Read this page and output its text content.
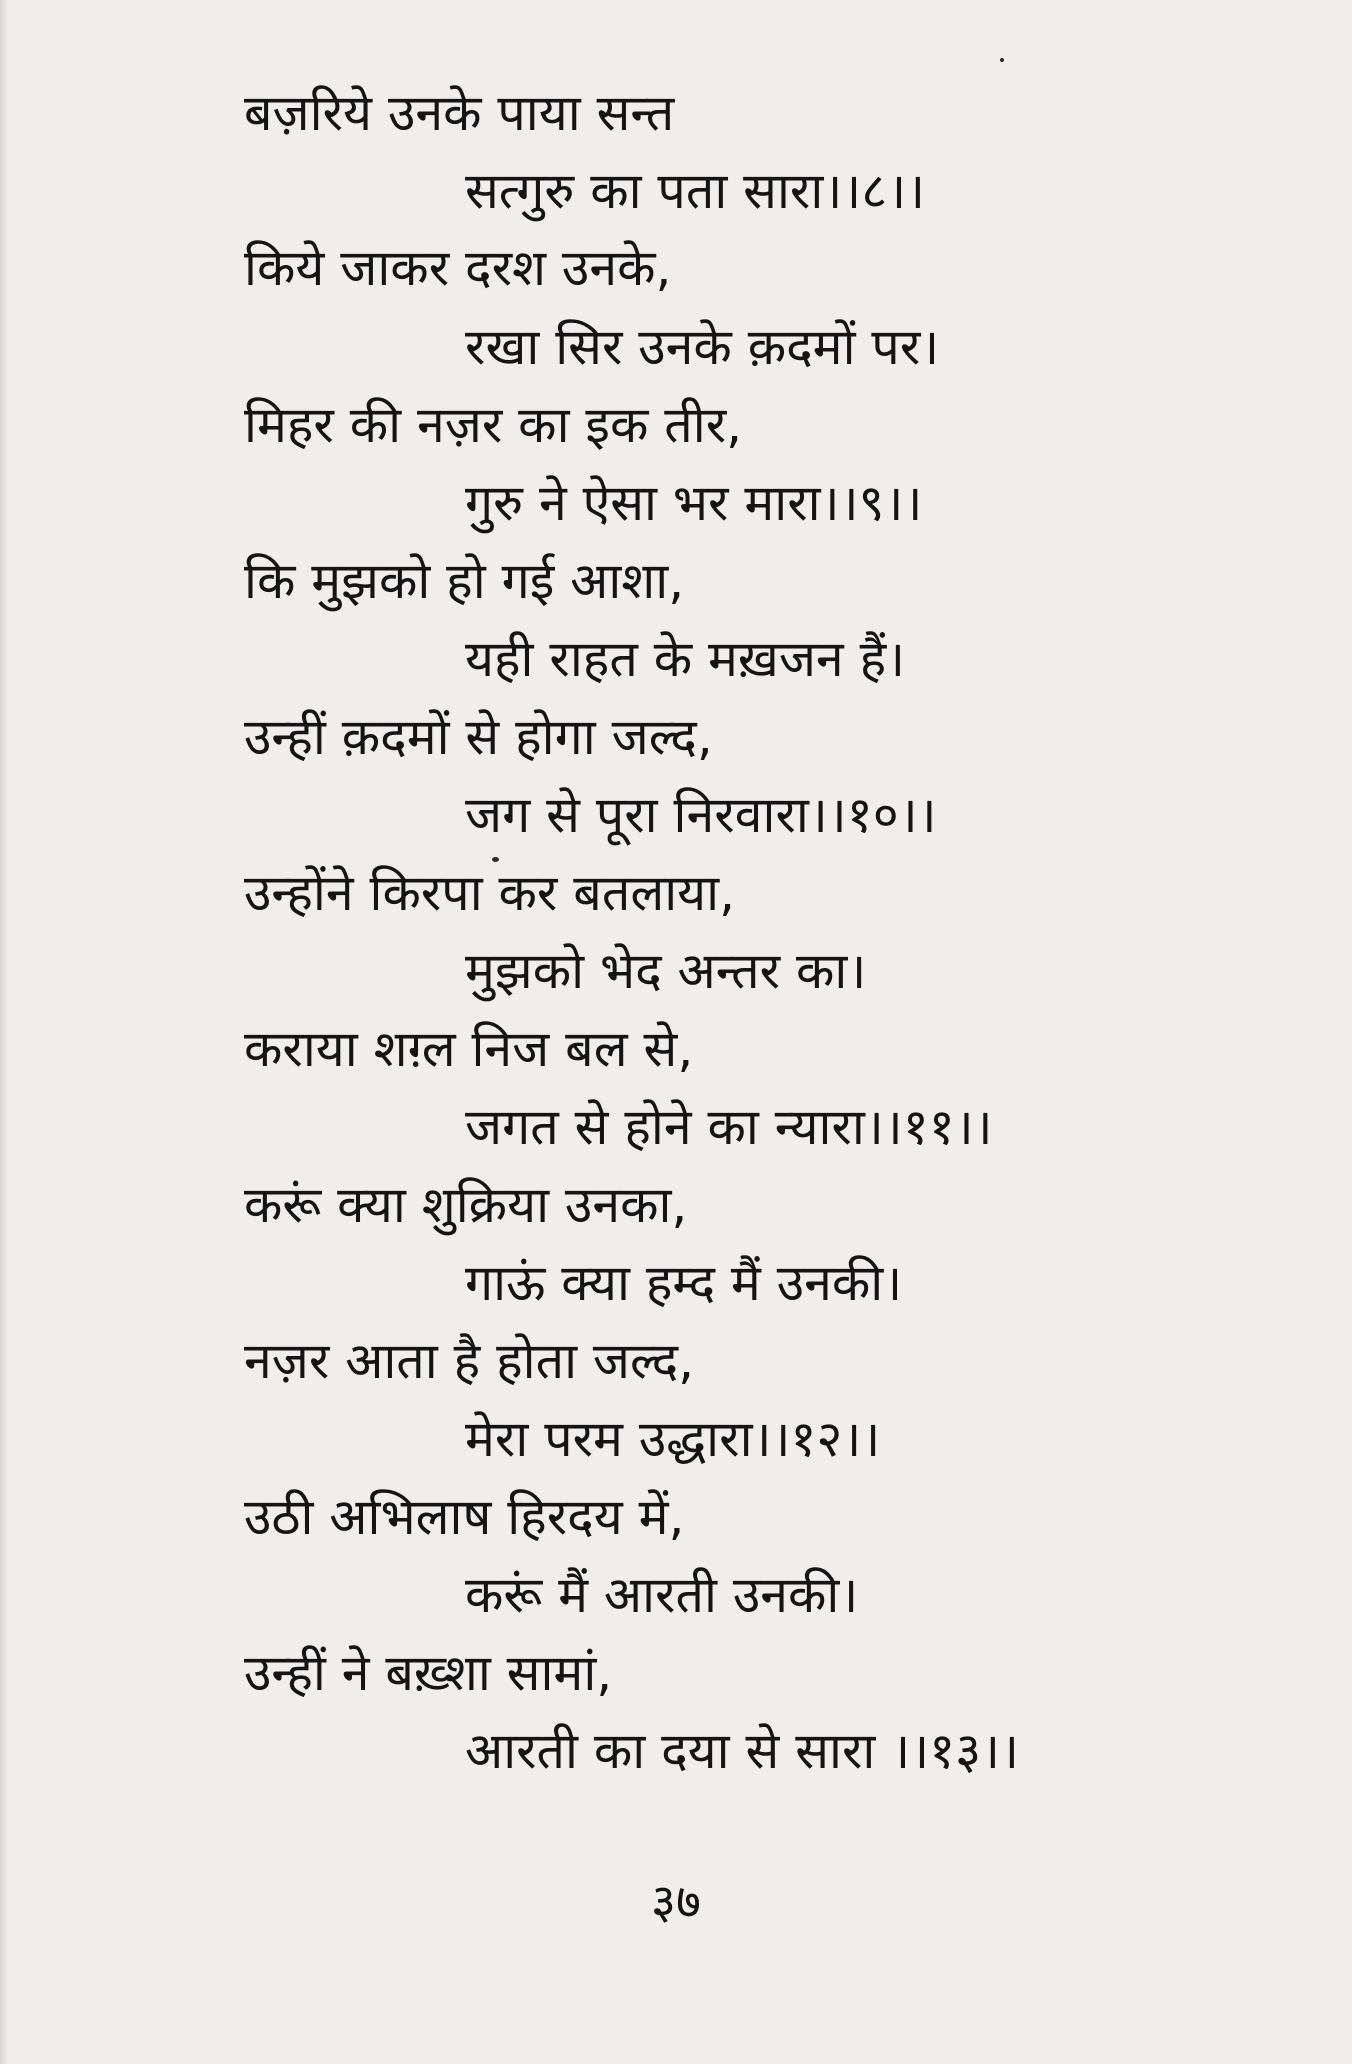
बज़रिये उनके पाया सन्त
सत्गुरु का पता सारा।।८।।
किये जाकर दरश उनके,
रखा सिर उनके क़दमों पर।
मिहर की नज़र का इक तीर,
गुरु ने ऐसा भर मारा।।९।।
कि मुझको हो गई आशा,
यही राहत के मख़जन हैं।
उन्हीं क़दमों से होगा जल्द,
जग से पूरा निरवारा।।१०।।
उन्होंने किरपा कर बतलाया,
मुझको भेद अन्तर का।
कराया शग़्ल निज बल से,
जगत से होने का न्यारा।।११।।
करूं क्या शुक्रिया उनका,
गाऊं क्या हम्द मैं उनकी।
नज़र आता है होता जल्द,
मेरा परम उद्धारा।।१२।।
उठी अभिलाष हिरदय में,
करूं मैं आरती उनकी।
उन्हीं ने बख़्शा सामां,
आरती का दया से सारा ।।१३।।
३७
